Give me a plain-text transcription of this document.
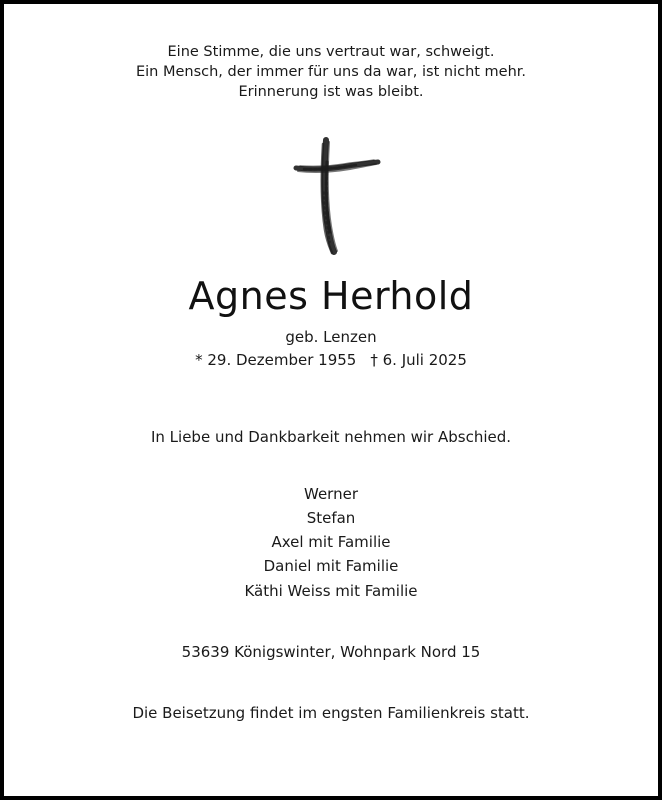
Eine Stimme, die uns vertraut war, schweigt.
Ein Mensch, der immer für uns da war, ist nicht mehr.
Erinnerung ist was bleibt.
Agnes Herhold
geb. Lenzen
* 29. Dezember 1955 † 6. Juli 2025
In Liebe und Dankbarkeit nehmen wir Abschied.
Werner
Stefan
Axel mit Familie
Daniel mit Familie
Käthi Weiss mit Familie
53639 Königswinter, Wohnpark Nord 15
Die Beisetzung findet im engsten Familienkreis statt.
